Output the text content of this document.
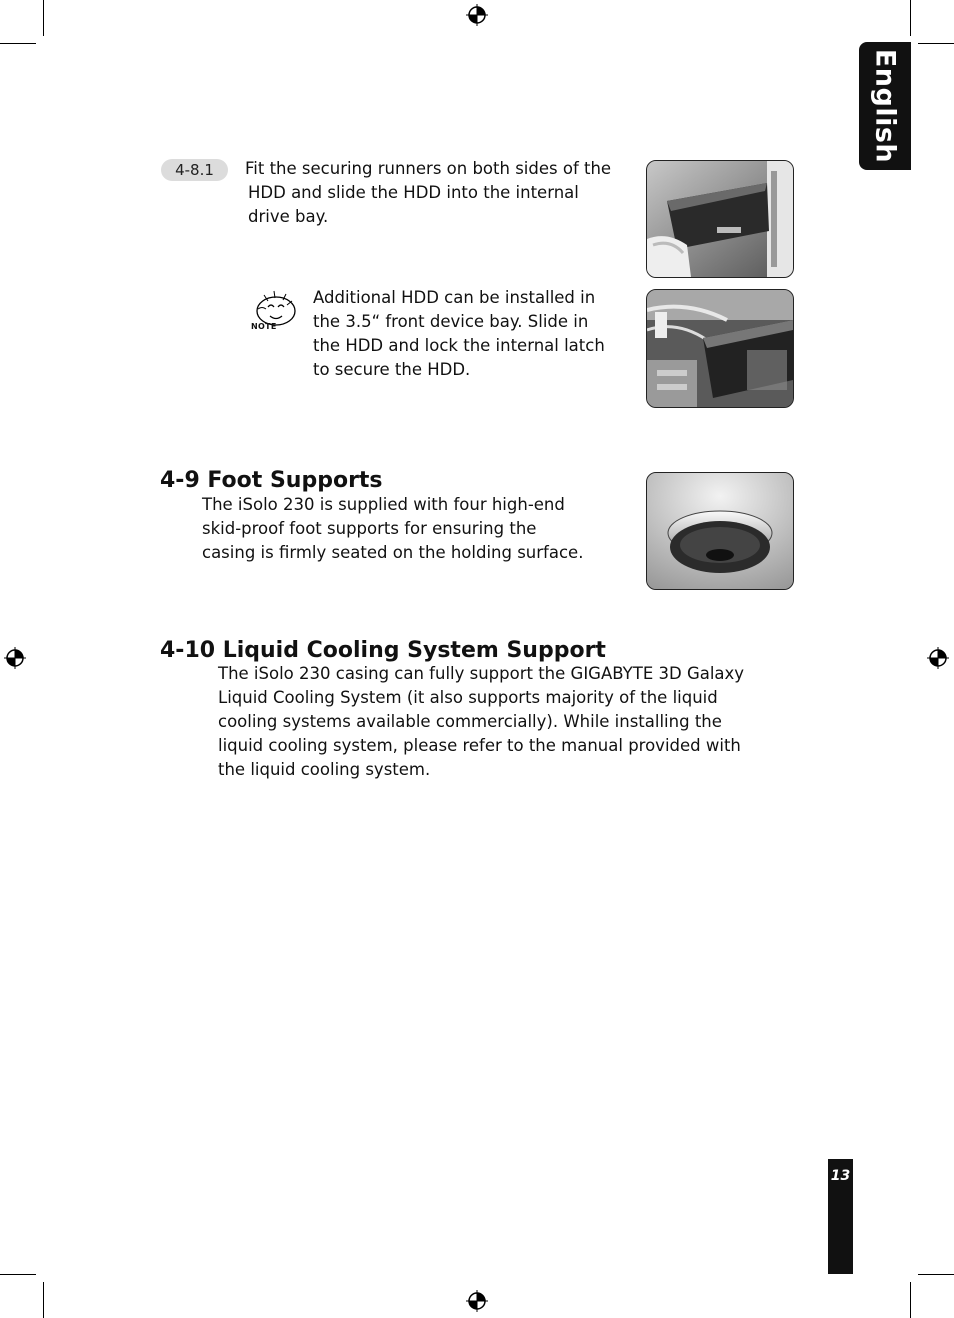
English
4-8.1	Fit the securing runners on both sides of the
HDD and slide the HDD into the internal
drive bay.
NOTE
Additional HDD can be installed in
the 3.5“ front device bay. Slide in
the HDD and lock the internal latch
to secure the HDD.
4-9 Foot Supports
The iSolo 230 is supplied with four high-end
skid-proof foot supports for ensuring the
casing is firmly seated on the holding surface.
4-10 Liquid Cooling System Support
The iSolo 230 casing can fully support the GIGABYTE 3D Galaxy
Liquid Cooling System (it also supports majority of the liquid
cooling systems available commercially). While installing the
liquid cooling system, please refer to the manual provided with
the liquid cooling system.
13
